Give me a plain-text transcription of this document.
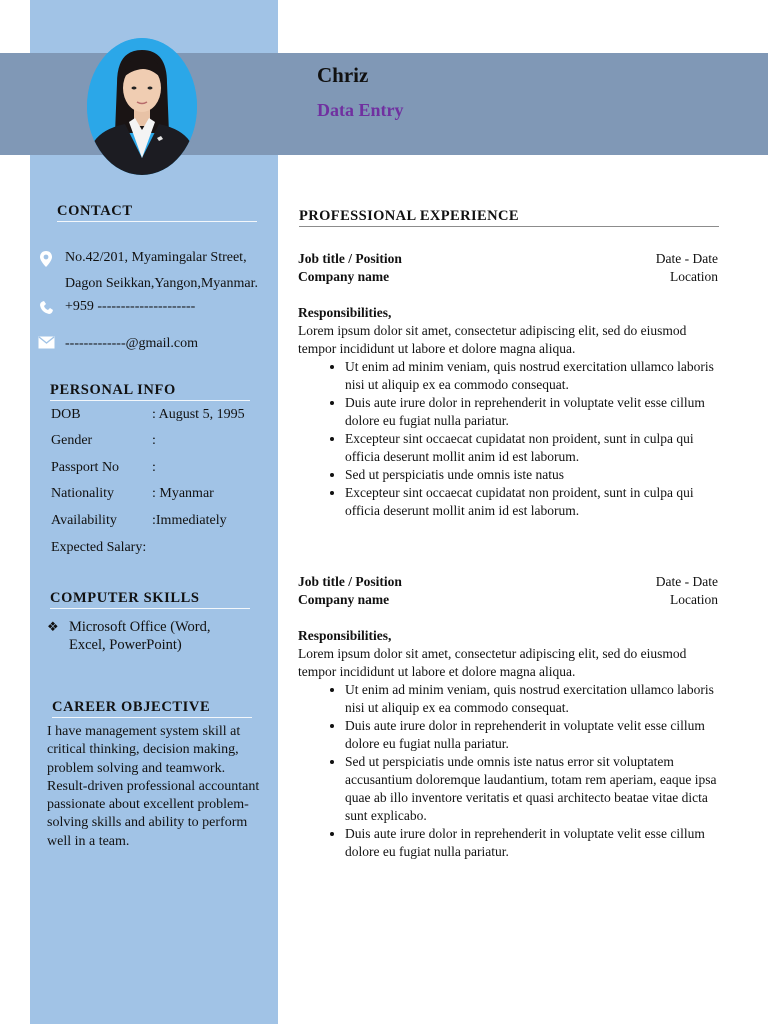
Chriz
Data Entry
CONTACT
No.42/201, Myamingalar Street,
Dagon Seikkan,Yangon,Myanmar.
+959 ---------------------
-------------@gmail.com
PERSONAL INFO
DOB	: August 5, 1995
Gender	:
Passport No	:
Nationality	: Myanmar
Availability	:Immediately
Expected Salary:
COMPUTER SKILLS
❖ Microsoft Office (Word, Excel, PowerPoint)
CAREER OBJECTIVE
I have management system skill at critical thinking, decision making, problem solving and teamwork. Result-driven professional accountant passionate about excellent problem-solving skills and ability to perform well in a team.
PROFESSIONAL EXPERIENCE
Job title / Position	Date - Date
Company name	Location
Responsibilities,
Lorem ipsum dolor sit amet, consectetur adipiscing elit, sed do eiusmod tempor incididunt ut labore et dolore magna aliqua.
• Ut enim ad minim veniam, quis nostrud exercitation ullamco laboris nisi ut aliquip ex ea commodo consequat.
• Duis aute irure dolor in reprehenderit in voluptate velit esse cillum dolore eu fugiat nulla pariatur.
• Excepteur sint occaecat cupidatat non proident, sunt in culpa qui officia deserunt mollit anim id est laborum.
• Sed ut perspiciatis unde omnis iste natus
• Excepteur sint occaecat cupidatat non proident, sunt in culpa qui officia deserunt mollit anim id est laborum.
Job title / Position	Date - Date
Company name	Location
Responsibilities,
Lorem ipsum dolor sit amet, consectetur adipiscing elit, sed do eiusmod tempor incididunt ut labore et dolore magna aliqua.
• Ut enim ad minim veniam, quis nostrud exercitation ullamco laboris nisi ut aliquip ex ea commodo consequat.
• Duis aute irure dolor in reprehenderit in voluptate velit esse cillum dolore eu fugiat nulla pariatur.
• Sed ut perspiciatis unde omnis iste natus error sit voluptatem accusantium doloremque laudantium, totam rem aperiam, eaque ipsa quae ab illo inventore veritatis et quasi architecto beatae vitae dicta sunt explicabo.
• Duis aute irure dolor in reprehenderit in voluptate velit esse cillum dolore eu fugiat nulla pariatur.
